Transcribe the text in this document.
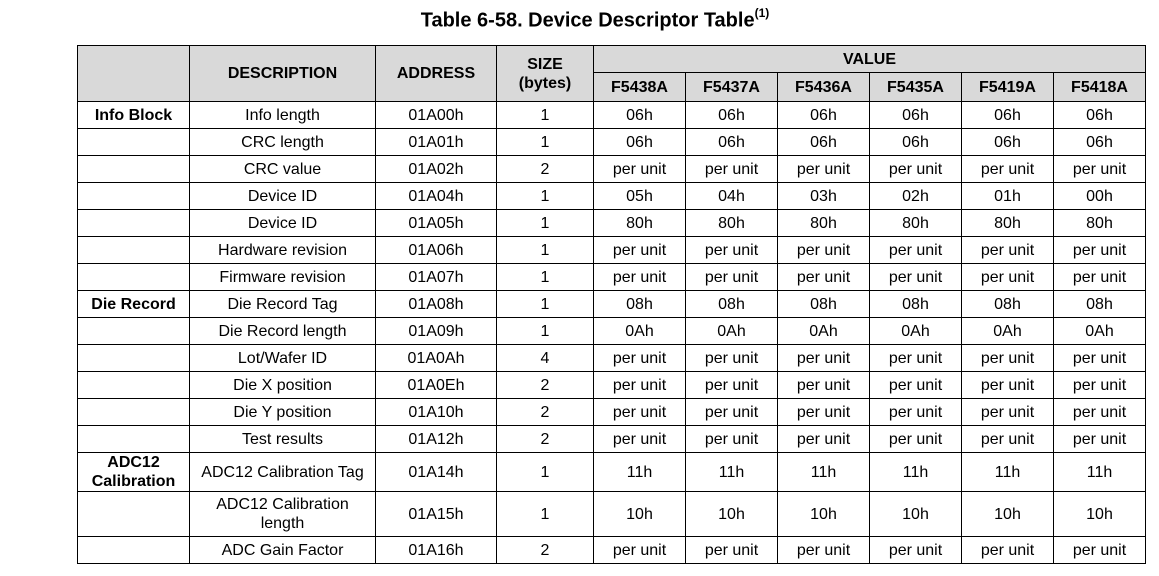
Table 6-58. Device Descriptor Table$^{(1)}$
	DESCRIPTION	ADDRESS	SIZE
(bytes)	VALUE					
				F5438A	F5437A	F5436A	F5435A	F5419A	F5418A
Info Block	Info length	01A00h	1	06h	06h	06h	06h	06h	06h
	CRC length	01A01h	1	06h	06h	06h	06h	06h	06h
	CRC value	01A02h	2	per unit	per unit	per unit	per unit	per unit	per unit
	Device ID	01A04h	1	05h	04h	03h	02h	01h	00h
	Device ID	01A05h	1	80h	80h	80h	80h	80h	80h
	Hardware revision	01A06h	1	per unit	per unit	per unit	per unit	per unit	per unit
	Firmware revision	01A07h	1	per unit	per unit	per unit	per unit	per unit	per unit
Die Record	Die Record Tag	01A08h	1	08h	08h	08h	08h	08h	08h
	Die Record length	01A09h	1	0Ah	0Ah	0Ah	0Ah	0Ah	0Ah
	Lot/Wafer ID	01A0Ah	4	per unit	per unit	per unit	per unit	per unit	per unit
	Die X position	01A0Eh	2	per unit	per unit	per unit	per unit	per unit	per unit
	Die Y position	01A10h	2	per unit	per unit	per unit	per unit	per unit	per unit
	Test results	01A12h	2	per unit	per unit	per unit	per unit	per unit	per unit
ADC12
Calibration	ADC12 Calibration Tag	01A14h	1	11h	11h	11h	11h	11h	11h
	ADC12 Calibration
length	01A15h	1	10h	10h	10h	10h	10h	10h
	ADC Gain Factor	01A16h	2	per unit	per unit	per unit	per unit	per unit	per unit
